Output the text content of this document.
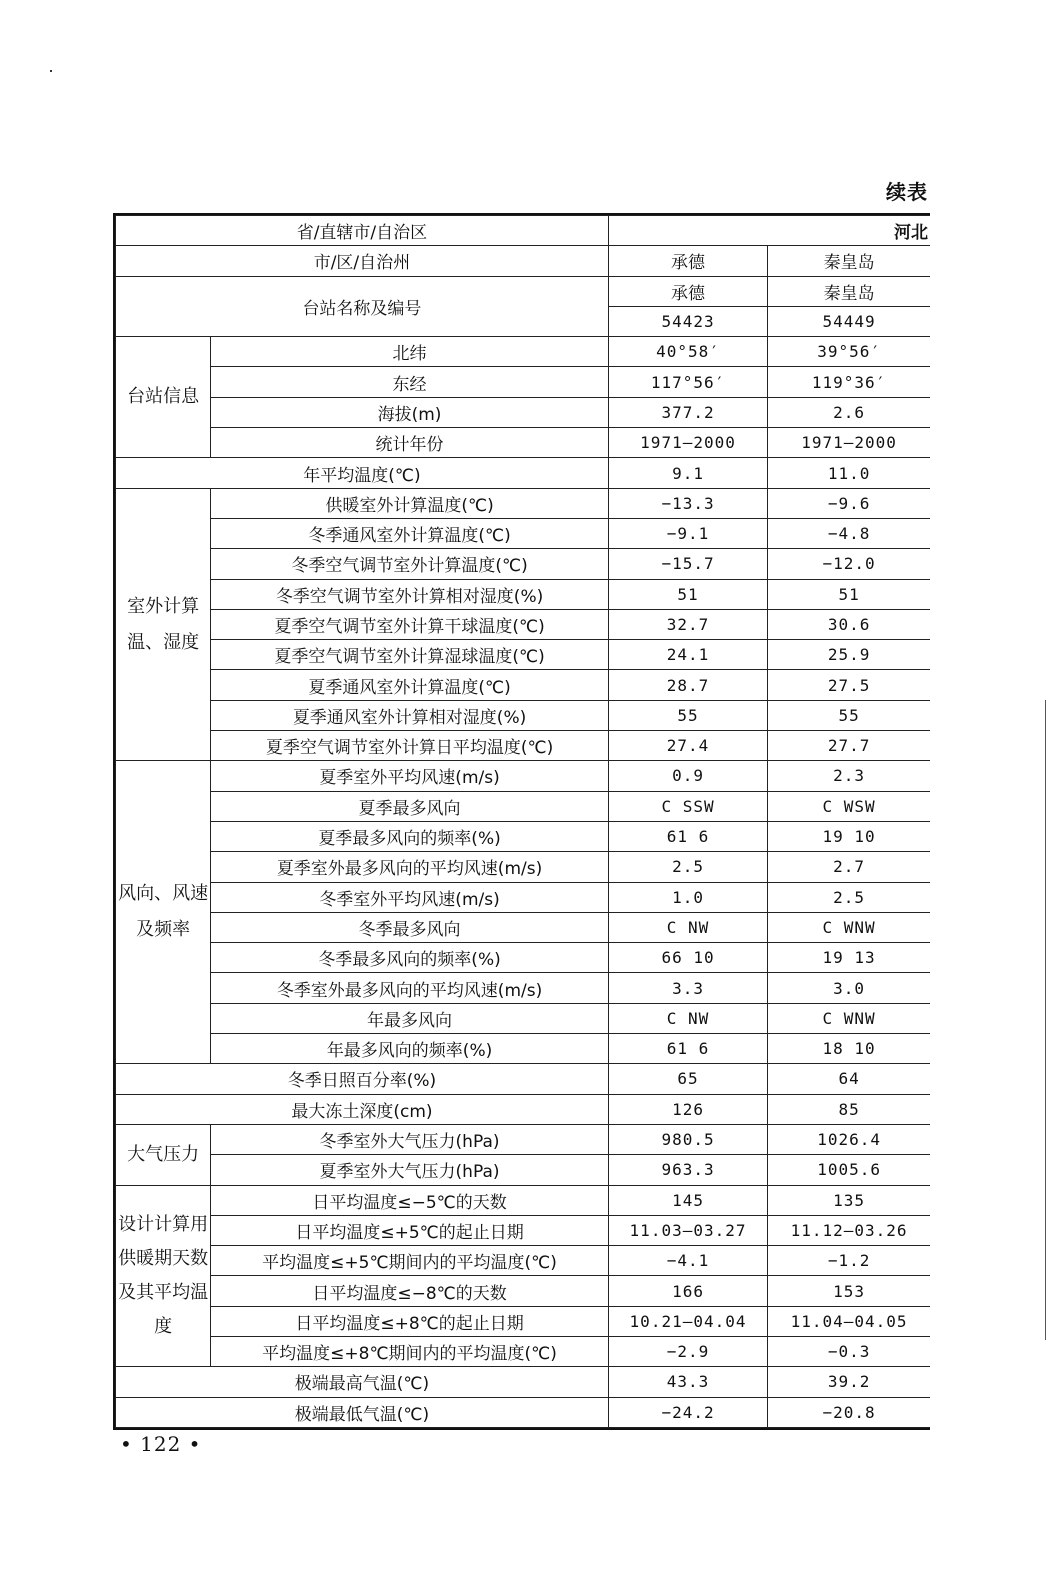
续表
省/直辖市/自治区		河北	
市/区/自治州		承德	秦皇岛
台站名称及编号		承德	秦皇岛
		54423	54449
台站信息	北纬	40°58′	39°56′
	东经	117°56′	119°36′
	海拔(m)	377.2	2.6
	统计年份	1971—2000	1971—2000
年平均温度(℃)		9.1	11.0
室外计算温、湿度	供暖室外计算温度(℃)	−13.3	−9.6
	冬季通风室外计算温度(℃)	−9.1	−4.8
	冬季空气调节室外计算温度(℃)	−15.7	−12.0
	冬季空气调节室外计算相对湿度(%)	51	51
	夏季空气调节室外计算干球温度(℃)	32.7	30.6
	夏季空气调节室外计算湿球温度(℃)	24.1	25.9
	夏季通风室外计算温度(℃)	28.7	27.5
	夏季通风室外计算相对湿度(%)	55	55
	夏季空气调节室外计算日平均温度(℃)	27.4	27.7
风向、风速及频率	夏季室外平均风速(m/s)	0.9	2.3
	夏季最多风向	C SSW	C WSW
	夏季最多风向的频率(%)	61 6	19 10
	夏季室外最多风向的平均风速(m/s)	2.5	2.7
	冬季室外平均风速(m/s)	1.0	2.5
	冬季最多风向	C NW	C WNW
	冬季最多风向的频率(%)	66 10	19 13
	冬季室外最多风向的平均风速(m/s)	3.3	3.0
	年最多风向	C NW	C WNW
	年最多风向的频率(%)	61 6	18 10
冬季日照百分率(%)		65	64
最大冻土深度(cm)		126	85
大气压力	冬季室外大气压力(hPa)	980.5	1026.4
	夏季室外大气压力(hPa)	963.3	1005.6
设计计算用供暖期天数及其平均温度	日平均温度≤−5℃的天数	145	135
	日平均温度≤+5℃的起止日期	11.03—03.27	11.12—03.26
	平均温度≤+5℃期间内的平均温度(℃)	−4.1	−1.2
	日平均温度≤−8℃的天数	166	153
	日平均温度≤+8℃的起止日期	10.21—04.04	11.04—04.05
	平均温度≤+8℃期间内的平均温度(℃)	−2.9	−0.3
极端最高气温(℃)		43.3	39.2
极端最低气温(℃)		−24.2	−20.8
• 122 •
